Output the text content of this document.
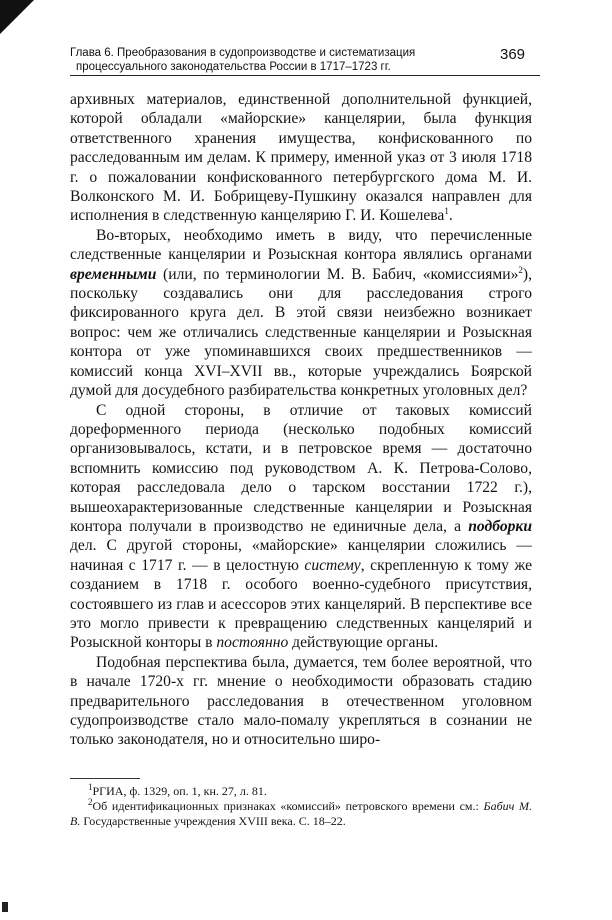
Глава 6. Преобразования в судопроизводстве и систематизация
процессуального законодательства России в 1717–1723 гг.
369

архивных материалов, единственной дополнительной функцией, которой обладали «майорские» канцелярии, была функция ответственного хранения имущества, конфискованного по расследованным им делам. К примеру, именной указ от 3 июля 1718 г. о пожаловании конфискованного петербургского дома М. И. Волконского М. И. Бобрищеву-Пушкину оказался направлен для исполнения в следственную канцелярию Г. И. Кошелева$^1$.

Во-вторых, необходимо иметь в виду, что перечисленные следственные канцелярии и Розыскная контора являлись органами временными (или, по терминологии М. В. Бабич, «комиссиями»$^2$), поскольку создавались они для расследования строго фиксированного круга дел. В этой связи неизбежно возникает вопрос: чем же отличались следственные канцелярии и Розыскная контора от уже упоминавшихся своих предшественников — комиссий конца XVI–XVII вв., которые учреждались Боярской думой для досудебного разбирательства конкретных уголовных дел?

С одной стороны, в отличие от таковых комиссий дореформенного периода (несколько подобных комиссий организовывалось, кстати, и в петровское время — достаточно вспомнить комиссию под руководством А. К. Петрова-Солово, которая расследовала дело о тарском восстании 1722 г.), вышеохарактеризованные следственные канцелярии и Розыскная контора получали в производство не единичные дела, а подборки дел. С другой стороны, «майорские» канцелярии сложились — начиная с 1717 г. — в целостную систему, скрепленную к тому же созданием в 1718 г. особого военно-судебного присутствия, состоявшего из глав и асессоров этих канцелярий. В перспективе все это могло привести к превращению следственных канцелярий и Розыскной конторы в постоянно действующие органы.

Подобная перспектива была, думается, тем более вероятной, что в начале 1720-х гг. мнение о необходимости образовать стадию предварительного расследования в отечественном уголовном судопроизводстве стало мало-помалу укрепляться в сознании не только законодателя, но и относительно широ-

$^1$РГИА, ф. 1329, оп. 1, кн. 27, л. 81.

$^2$Об идентификационных признаках «комиссий» петровского времени см.: Бабич М. В. Государственные учреждения XVIII века. С. 18–22.
